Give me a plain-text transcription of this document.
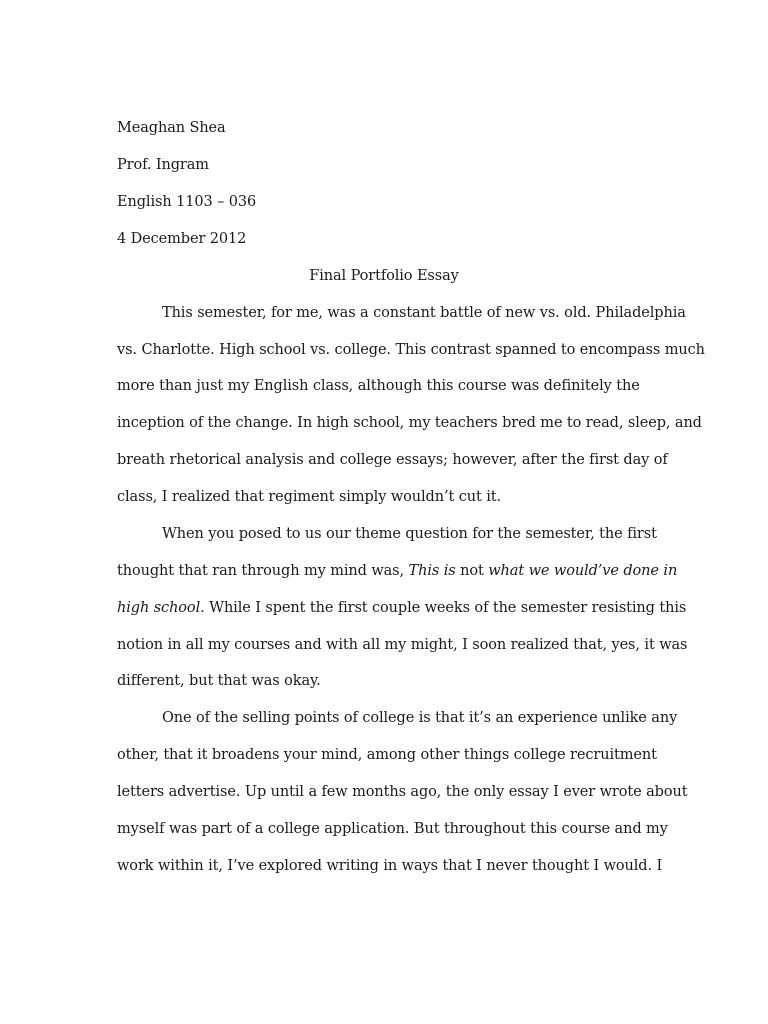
Meaghan Shea
Prof. Ingram
English 1103 – 036
4 December 2012
Final Portfolio Essay
This semester, for me, was a constant battle of new vs. old. Philadelphia
vs. Charlotte. High school vs. college. This contrast spanned to encompass much
more than just my English class, although this course was definitely the
inception of the change. In high school, my teachers bred me to read, sleep, and
breath rhetorical analysis and college essays; however, after the first day of
class, I realized that regiment simply wouldn’t cut it.
When you posed to us our theme question for the semester, the first
thought that ran through my mind was, This is not what we would’ve done in
high school. While I spent the first couple weeks of the semester resisting this
notion in all my courses and with all my might, I soon realized that, yes, it was
different, but that was okay.
One of the selling points of college is that it’s an experience unlike any
other, that it broadens your mind, among other things college recruitment
letters advertise. Up until a few months ago, the only essay I ever wrote about
myself was part of a college application. But throughout this course and my
work within it, I’ve explored writing in ways that I never thought I would. I
